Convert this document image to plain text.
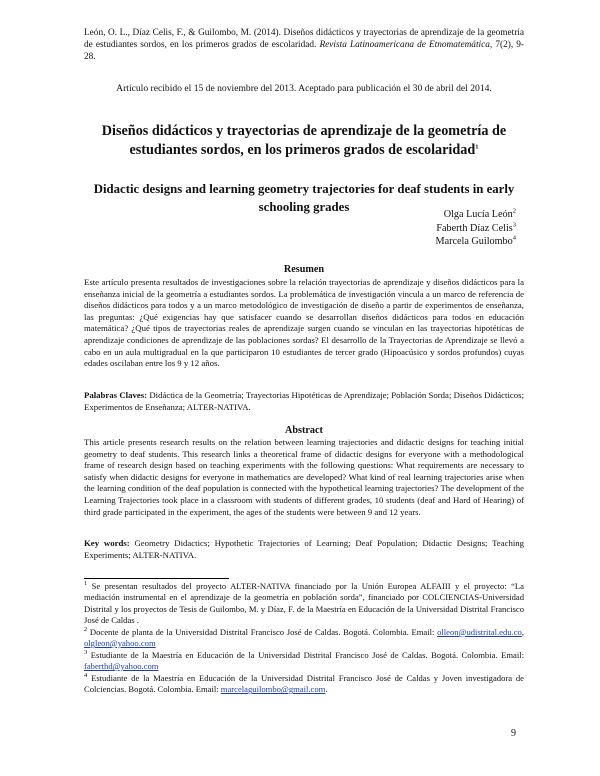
León, O. L., Díaz Celis, F., & Guilombo, M. (2014). Diseños didácticos y trayectorias de aprendizaje de la geometría de estudiantes sordos, en los primeros grados de escolaridad. Revista Latinoamericana de Etnomatemática, 7(2), 9-28.
Artículo recibido el 15 de noviembre del 2013. Aceptado para publicación el 30 de abril del 2014.
Diseños didácticos y trayectorias de aprendizaje de la geometría de estudiantes sordos, en los primeros grados de escolaridad$^1$
Didactic designs and learning geometry trajectories for deaf students in early schooling grades
Olga Lucía León$^2$
Faberth Díaz Celis$^3$
Marcela Guilombo$^4$
Resumen
Este artículo presenta resultados de investigaciones sobre la relación trayectorias de aprendizaje y diseños didácticos para la enseñanza inicial de la geometría a estudiantes sordos. La problemática de investigación vincula a un marco de referencia de diseños didácticos para todos y a un marco metodológico de investigación de diseño a partir de experimentos de enseñanza, las preguntas: ¿Qué exigencias hay que satisfacer cuando se desarrollan diseños didácticos para todos en educación matemática? ¿Qué tipos de trayectorias reales de aprendizaje surgen cuando se vinculan en las trayectorias hipotéticas de aprendizaje condiciones de aprendizaje de las poblaciones sordas? El desarrollo de la Trayectorias de Aprendizaje se llevó a cabo en un aula multigradual en la que participaron 10 estudiantes de tercer grado (Hipoacúsico y sordos profundos) cuyas edades oscilaban entre los 9 y 12 años.
Palabras Claves: Didáctica de la Geometría; Trayectorias Hipotéticas de Aprendizaje; Población Sorda; Diseños Didácticos; Experimentos de Enseñanza; ALTER-NATIVA.
Abstract
This article presents research results on the relation between learning trajectories and didactic designs for teaching initial geometry to deaf students. This research links a theoretical frame of didactic designs for everyone with a methodological frame of research design based on teaching experiments with the following questions: What requirements are necessary to satisfy when didactic designs for everyone in mathematics are developed? What kind of real learning trajectories arise when the learning condition of the deaf population is connected with the hypothetical learning trajectories? The development of the Learning Trajectories took place in a classroom with students of different grades, 10 students (deaf and Hard of Hearing) of third grade participated in the experiment, the ages of the students were between 9 and 12 years.
Key words: Geometry Didactics; Hypothetic Trajectories of Learning; Deaf Population; Didactic Designs; Teaching Experiments; ALTER-NATIVA.
$^1$ Se presentan resultados del proyecto ALTER-NATIVA financiado por la Unión Europea ALFAIII y el proyecto: “La mediación instrumental en el aprendizaje de la geometría en población sorda”, financiado por COLCIENCIAS-Universidad Distrital y los proyectos de Tesis de Guilombo, M. y Díaz, F. de la Maestría en Educación de la Universidad Distrital Francisco José de Caldas .
$^2$ Docente de planta de la Universidad Distrital Francisco José de Caldas. Bogotá. Colombia. Email: olleon@udistrital.edu.co, olgleon@yahoo.com
$^3$ Estudiante de la Maestría en Educación de la Universidad Distrital Francisco José de Caldas. Bogotá. Colombia. Email: faberthd@yahoo.com
$^4$ Estudiante de la Maestría en Educación de la Universidad Distrital Francisco José de Caldas y Joven investigadora de Colciencias. Bogotá. Colombia. Email: marcelaguilombo@gmail.com.
9
